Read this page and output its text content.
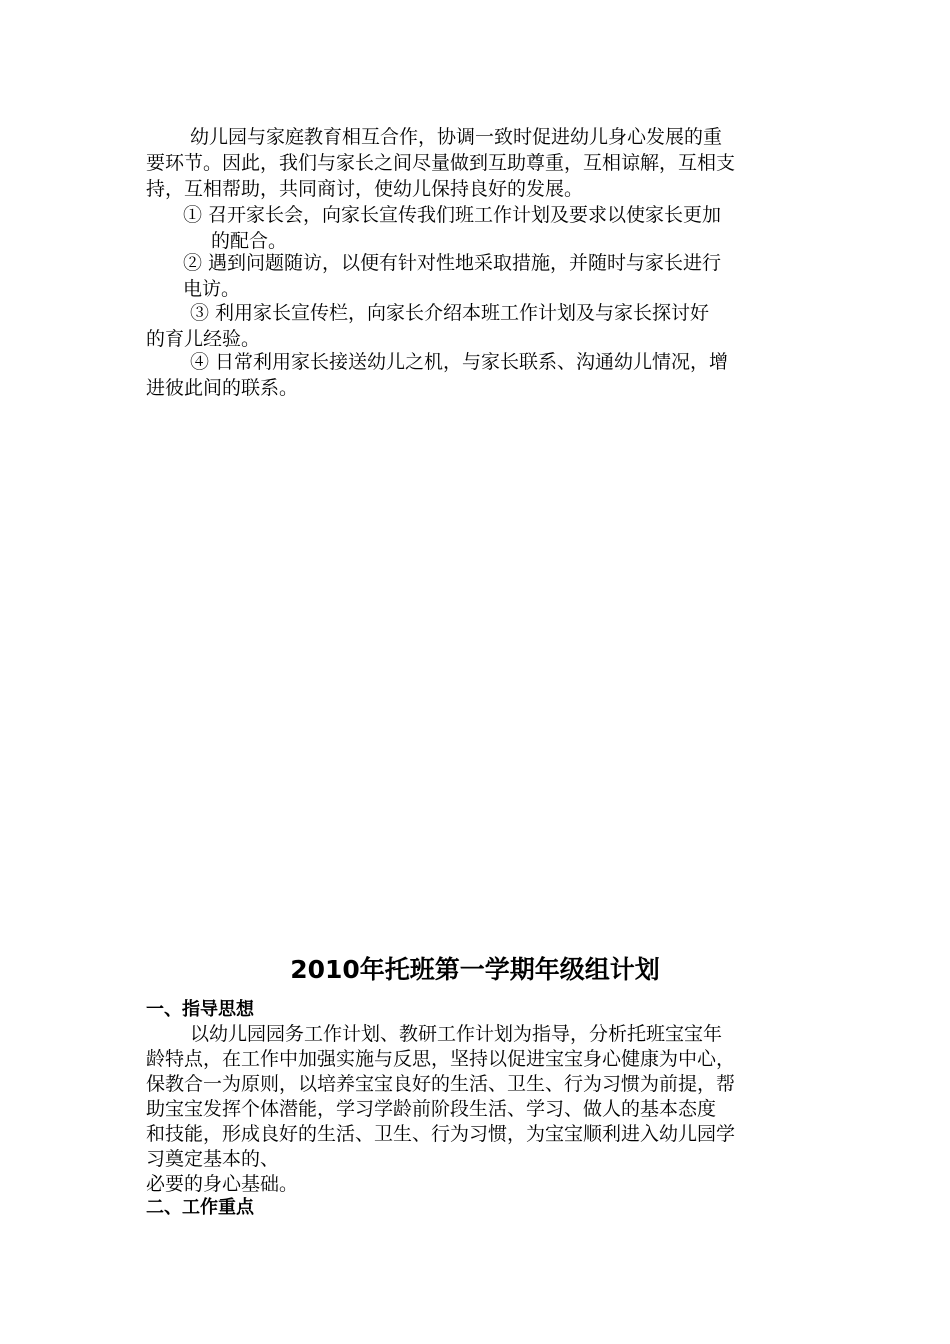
幼儿园与家庭教育相互合作，协调一致时促进幼儿身心发展的重
要环节。因此，我们与家长之间尽量做到互助尊重，互相谅解，互相支
持，互相帮助，共同商讨，使幼儿保持良好的发展。
① 召开家长会，向家长宣传我们班工作计划及要求以使家长更加
的配合。
② 遇到问题随访，以便有针对性地采取措施，并随时与家长进行
电访。
③ 利用家长宣传栏，向家长介绍本班工作计划及与家长探讨好
的育儿经验。
④ 日常利用家长接送幼儿之机，与家长联系、沟通幼儿情况，增
进彼此间的联系。
2010年托班第一学期年级组计划
一、指导思想
以幼儿园园务工作计划、教研工作计划为指导，分析托班宝宝年
龄特点，在工作中加强实施与反思，坚持以促进宝宝身心健康为中心，
保教合一为原则，以培养宝宝良好的生活、卫生、行为习惯为前提，帮
助宝宝发挥个体潜能，学习学龄前阶段生活、学习、做人的基本态度
和技能，形成良好的生活、卫生、行为习惯，为宝宝顺利进入幼儿园学
习奠定基本的、
必要的身心基础。
二、工作重点
